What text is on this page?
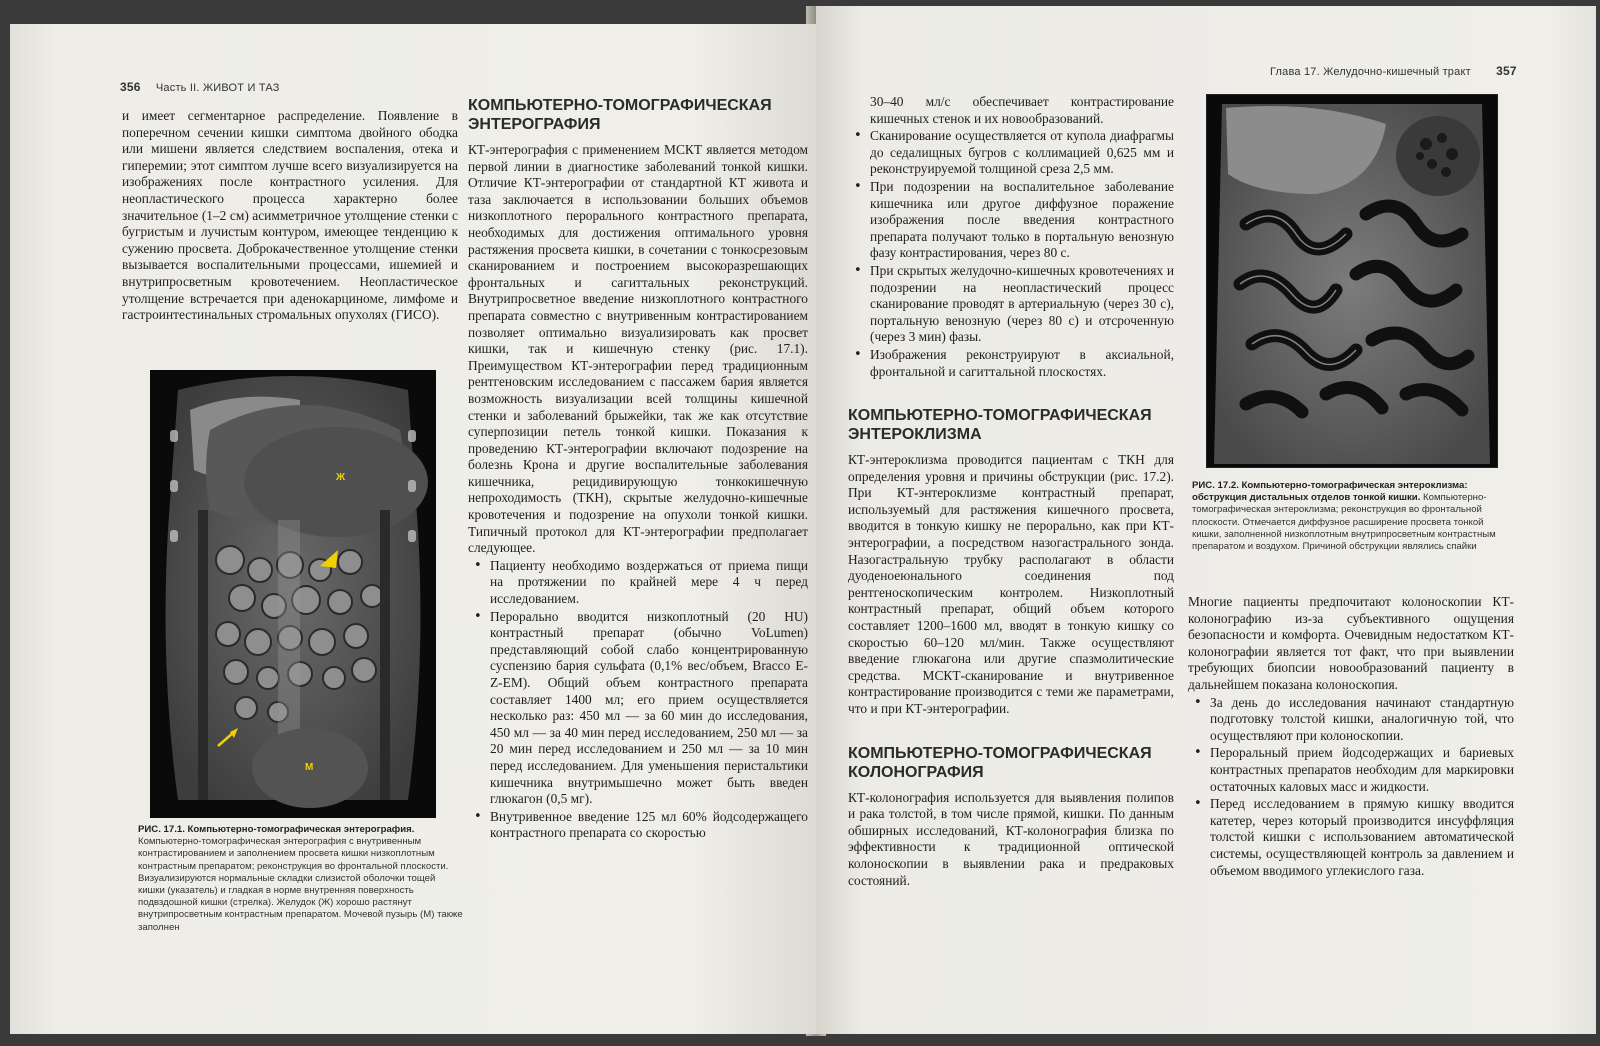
356 Часть II. ЖИВОТ И ТАЗ

и имеет сегментарное распределение. Появление в поперечном сечении кишки симптома двойного ободка или мишени является следствием воспаления, отека и гиперемии; этот симптом лучше всего визуализируется на изображениях после контрастного усиления. Для неопластического процесса характерно более значительное (1–2 см) асимметричное утолщение стенки с бугристым и лучистым контуром, имеющее тенденцию к сужению просвета. Доброкачественное утолщение стенки вызывается воспалительными процессами, ишемией и внутрипросветным кровотечением. Неопластическое утолщение встречается при аденокарциноме, лимфоме и гастроинтестинальных стромальных опухолях (ГИСО).

Ж
М
РИС. 17.1. Компьютерно-томографическая энтерография. Компьютерно-томографическая энтерография с внутривенным контрастированием и заполнением просвета кишки низкоплотным контрастным препаратом; реконструкция во фронтальной плоскости. Визуализируются нормальные складки слизистой оболочки тощей кишки (указатель) и гладкая в норме внутренняя поверхность подвздошной кишки (стрелка). Желудок (Ж) хорошо растянут внутрипросветным контрастным препаратом. Мочевой пузырь (М) также заполнен
КОМПЬЮТЕРНО-ТОМОГРАФИЧЕСКАЯ ЭНТЕРОГРАФИЯ

КТ-энтерография с применением МСКТ является методом первой линии в диагностике заболеваний тонкой кишки. Отличие КТ-энтерографии от стандартной КТ живота и таза заключается в использовании больших объемов низкоплотного перорального контрастного препарата, необходимых для достижения оптимального уровня растяжения просвета кишки, в сочетании с тонкосрезовым сканированием и построением высокоразрешающих фронтальных и сагиттальных реконструкций. Внутрипросветное введение низкоплотного контрастного препарата совместно с внутривенным контрастированием позволяет оптимально визуализировать как просвет кишки, так и кишечную стенку (рис. 17.1). Преимуществом КТ-энтерографии перед традиционным рентгеновским исследованием с пассажем бария является возможность визуализации всей толщины кишечной стенки и заболеваний брыжейки, так же как отсутствие суперпозиции петель тонкой кишки. Показания к проведению КТ-энтерографии включают подозрение на болезнь Крона и другие воспалительные заболевания кишечника, рецидивирующую тонкокишечную непроходимость (ТКН), скрытые желудочно-кишечные кровотечения и подозрение на опухоли тонкой кишки. Типичный протокол для КТ-энтерографии предполагает следующее.

• Пациенту необходимо воздержаться от приема пищи на протяжении по крайней мере 4 ч перед исследованием.
• Перорально вводится низкоплотный (20 HU) контрастный препарат (обычно VoLumen) представляющий собой слабо концентрированную суспензию бария сульфата (0,1% вес/объем, Bracco E-Z-EM). Общий объем контрастного препарата составляет 1400 мл; его прием осуществляется несколько раз: 450 мл — за 60 мин до исследования, 450 мл — за 40 мин перед исследованием, 250 мл — за 20 мин перед исследованием и 250 мл — за 10 мин перед исследованием. Для уменьшения перистальтики кишечника внутримышечно может быть введен глюкагон (0,5 мг).
• Внутривенное введение 125 мл 60% йодсодержащего контрастного препарата со скоростью
Глава 17. Желудочно-кишечный тракт 357

30–40 мл/с обеспечивает контрастирование кишечных стенок и их новообразований.

• Сканирование осуществляется от купола диафрагмы до седалищных бугров с коллимацией 0,625 мм и реконструируемой толщиной среза 2,5 мм.
• При подозрении на воспалительное заболевание кишечника или другое диффузное поражение изображения после введения контрастного препарата получают только в портальную венозную фазу контрастирования, через 80 с.
• При скрытых желудочно-кишечных кровотечениях и подозрении на неопластический процесс сканирование проводят в артериальную (через 30 с), портальную венозную (через 80 с) и отсроченную (через 3 мин) фазы.
• Изображения реконструируют в аксиальной, фронтальной и сагиттальной плоскостях.
КОМПЬЮТЕРНО-ТОМОГРАФИЧЕСКАЯ ЭНТЕРОКЛИЗМА

КТ-энтероклизма проводится пациентам с ТКН для определения уровня и причины обструкции (рис. 17.2). При КТ-энтероклизме контрастный препарат, используемый для растяжения кишечного просвета, вводится в тонкую кишку не перорально, как при КТ-энтерографии, а посредством назогастрального зонда. Назогастральную трубку располагают в области дуоденоеюнального соединения под рентгеноскопическим контролем. Низкоплотный контрастный препарат, общий объем которого составляет 1200–1600 мл, вводят в тонкую кишку со скоростью 60–120 мл/мин. Также осуществляют введение глюкагона или другие спазмолитические средства. МСКТ-сканирование и внутривенное контрастирование производится с теми же параметрами, что и при КТ-энтерографии.

КОМПЬЮТЕРНО-ТОМОГРАФИЧЕСКАЯ КОЛОНОГРАФИЯ

КТ-колонография используется для выявления полипов и рака толстой, в том числе прямой, кишки. По данным обширных исследований, КТ-колонография близка по эффективности к традиционной оптической колоноскопии в выявлении рака и предраковых состояний.

РИС. 17.2. Компьютерно-томографическая энтероклизма: обструкция дистальных отделов тонкой кишки. Компьютерно-томографическая энтероклизма; реконструкция во фронтальной плоскости. Отмечается диффузное расширение просвета тонкой кишки, заполненной низкоплотным внутрипросветным контрастным препаратом и воздухом. Причиной обструкции являлись спайки

Многие пациенты предпочитают колоноскопии КТ-колонографию из-за субъективного ощущения безопасности и комфорта. Очевидным недостатком КТ-колонографии является тот факт, что при выявлении требующих биопсии новообразований пациенту в дальнейшем показана колоноскопия.

• За день до исследования начинают стандартную подготовку толстой кишки, аналогичную той, что осуществляют при колоноскопии.
• Пероральный прием йодсодержащих и бариевых контрастных препаратов необходим для маркировки остаточных каловых масс и жидкости.
• Перед исследованием в прямую кишку вводится катетер, через который производится инсуффляция толстой кишки с использованием автоматической системы, осуществляющей контроль за давлением и объемом вводимого углекислого газа.
